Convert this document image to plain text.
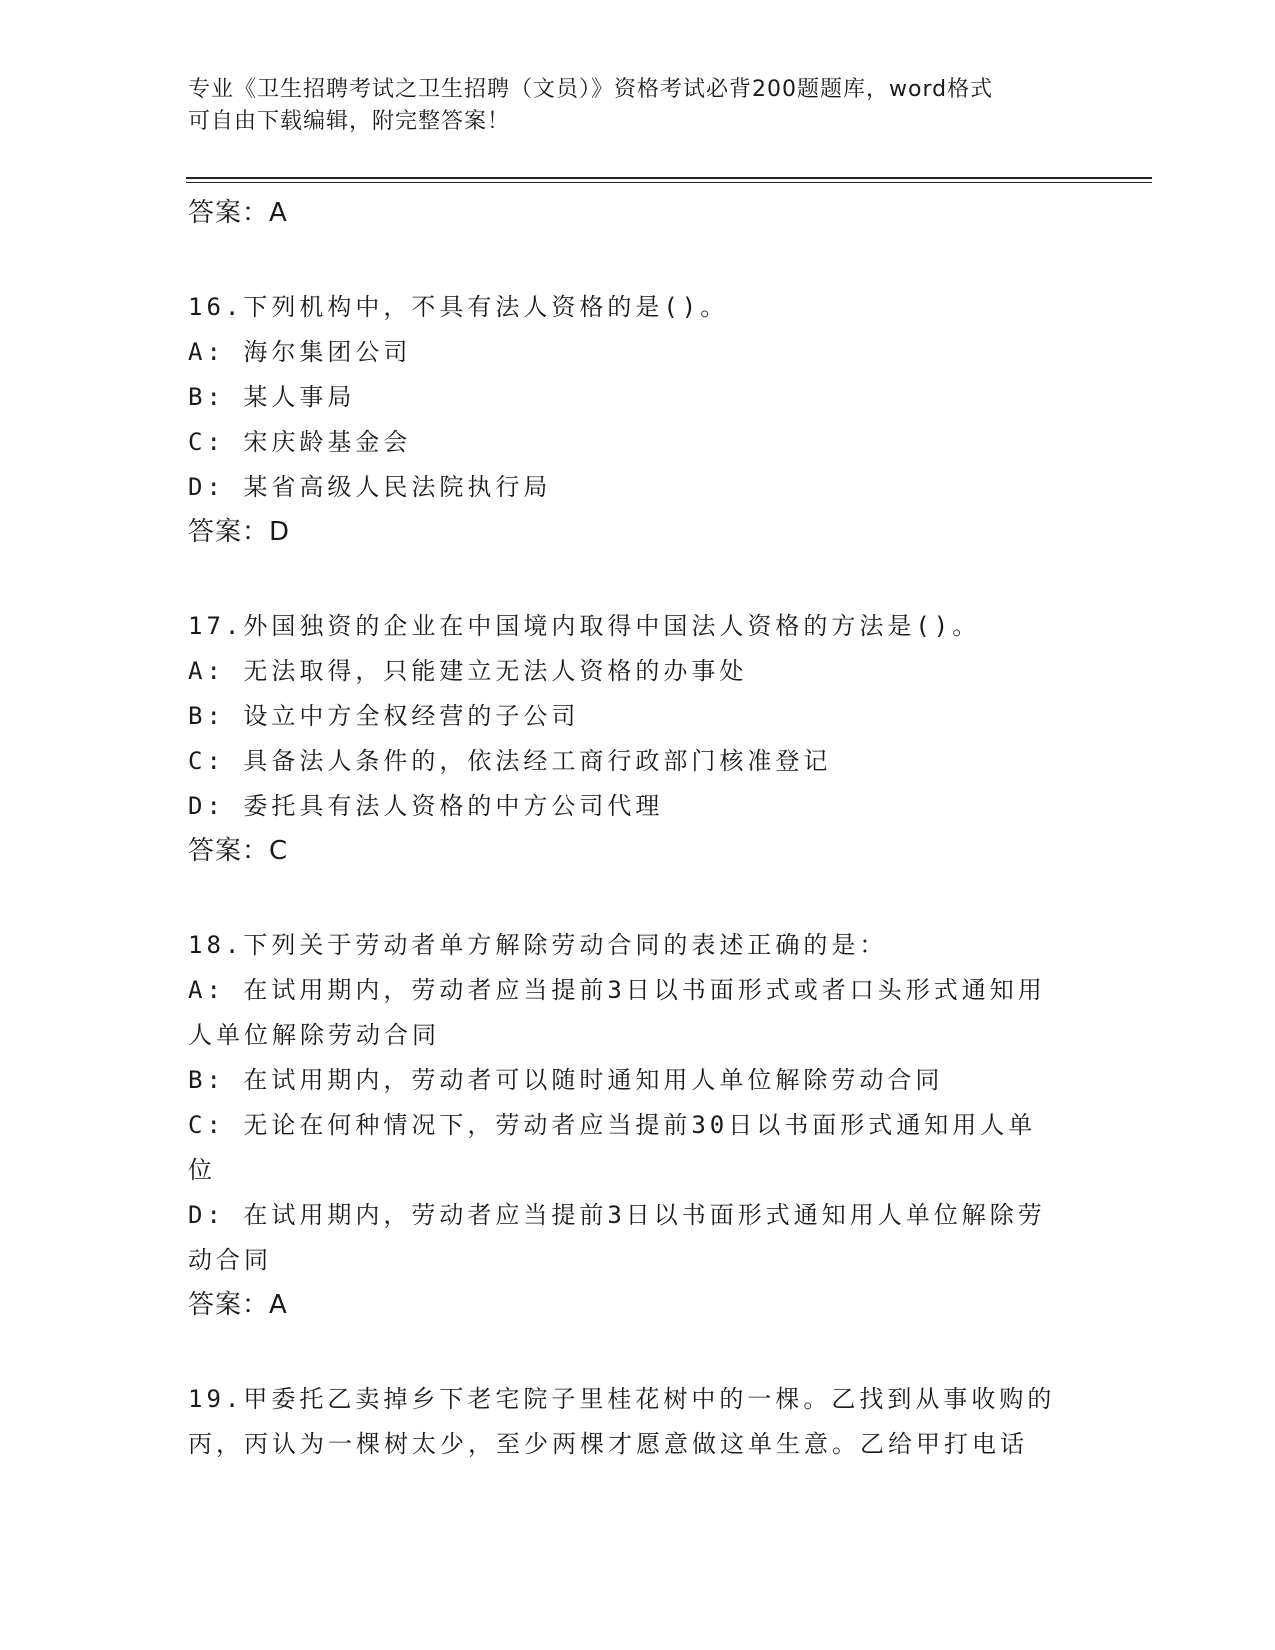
专业《卫生招聘考试之卫生招聘（文员）》资格考试必背200题题库，word格式
可自由下载编辑，附完整答案！
答案：A
16.下列机构中，不具有法人资格的是()。
A: 海尔集团公司
B: 某人事局
C: 宋庆龄基金会
D: 某省高级人民法院执行局
答案：D
17.外国独资的企业在中国境内取得中国法人资格的方法是()。
A: 无法取得，只能建立无法人资格的办事处
B: 设立中方全权经营的子公司
C: 具备法人条件的，依法经工商行政部门核准登记
D: 委托具有法人资格的中方公司代理
答案：C
18.下列关于劳动者单方解除劳动合同的表述正确的是：
A: 在试用期内，劳动者应当提前3日以书面形式或者口头形式通知用
人单位解除劳动合同
B: 在试用期内，劳动者可以随时通知用人单位解除劳动合同
C: 无论在何种情况下，劳动者应当提前30日以书面形式通知用人单
位
D: 在试用期内，劳动者应当提前3日以书面形式通知用人单位解除劳
动合同
答案：A
19.甲委托乙卖掉乡下老宅院子里桂花树中的一棵。乙找到从事收购的
丙，丙认为一棵树太少，至少两棵才愿意做这单生意。乙给甲打电话
